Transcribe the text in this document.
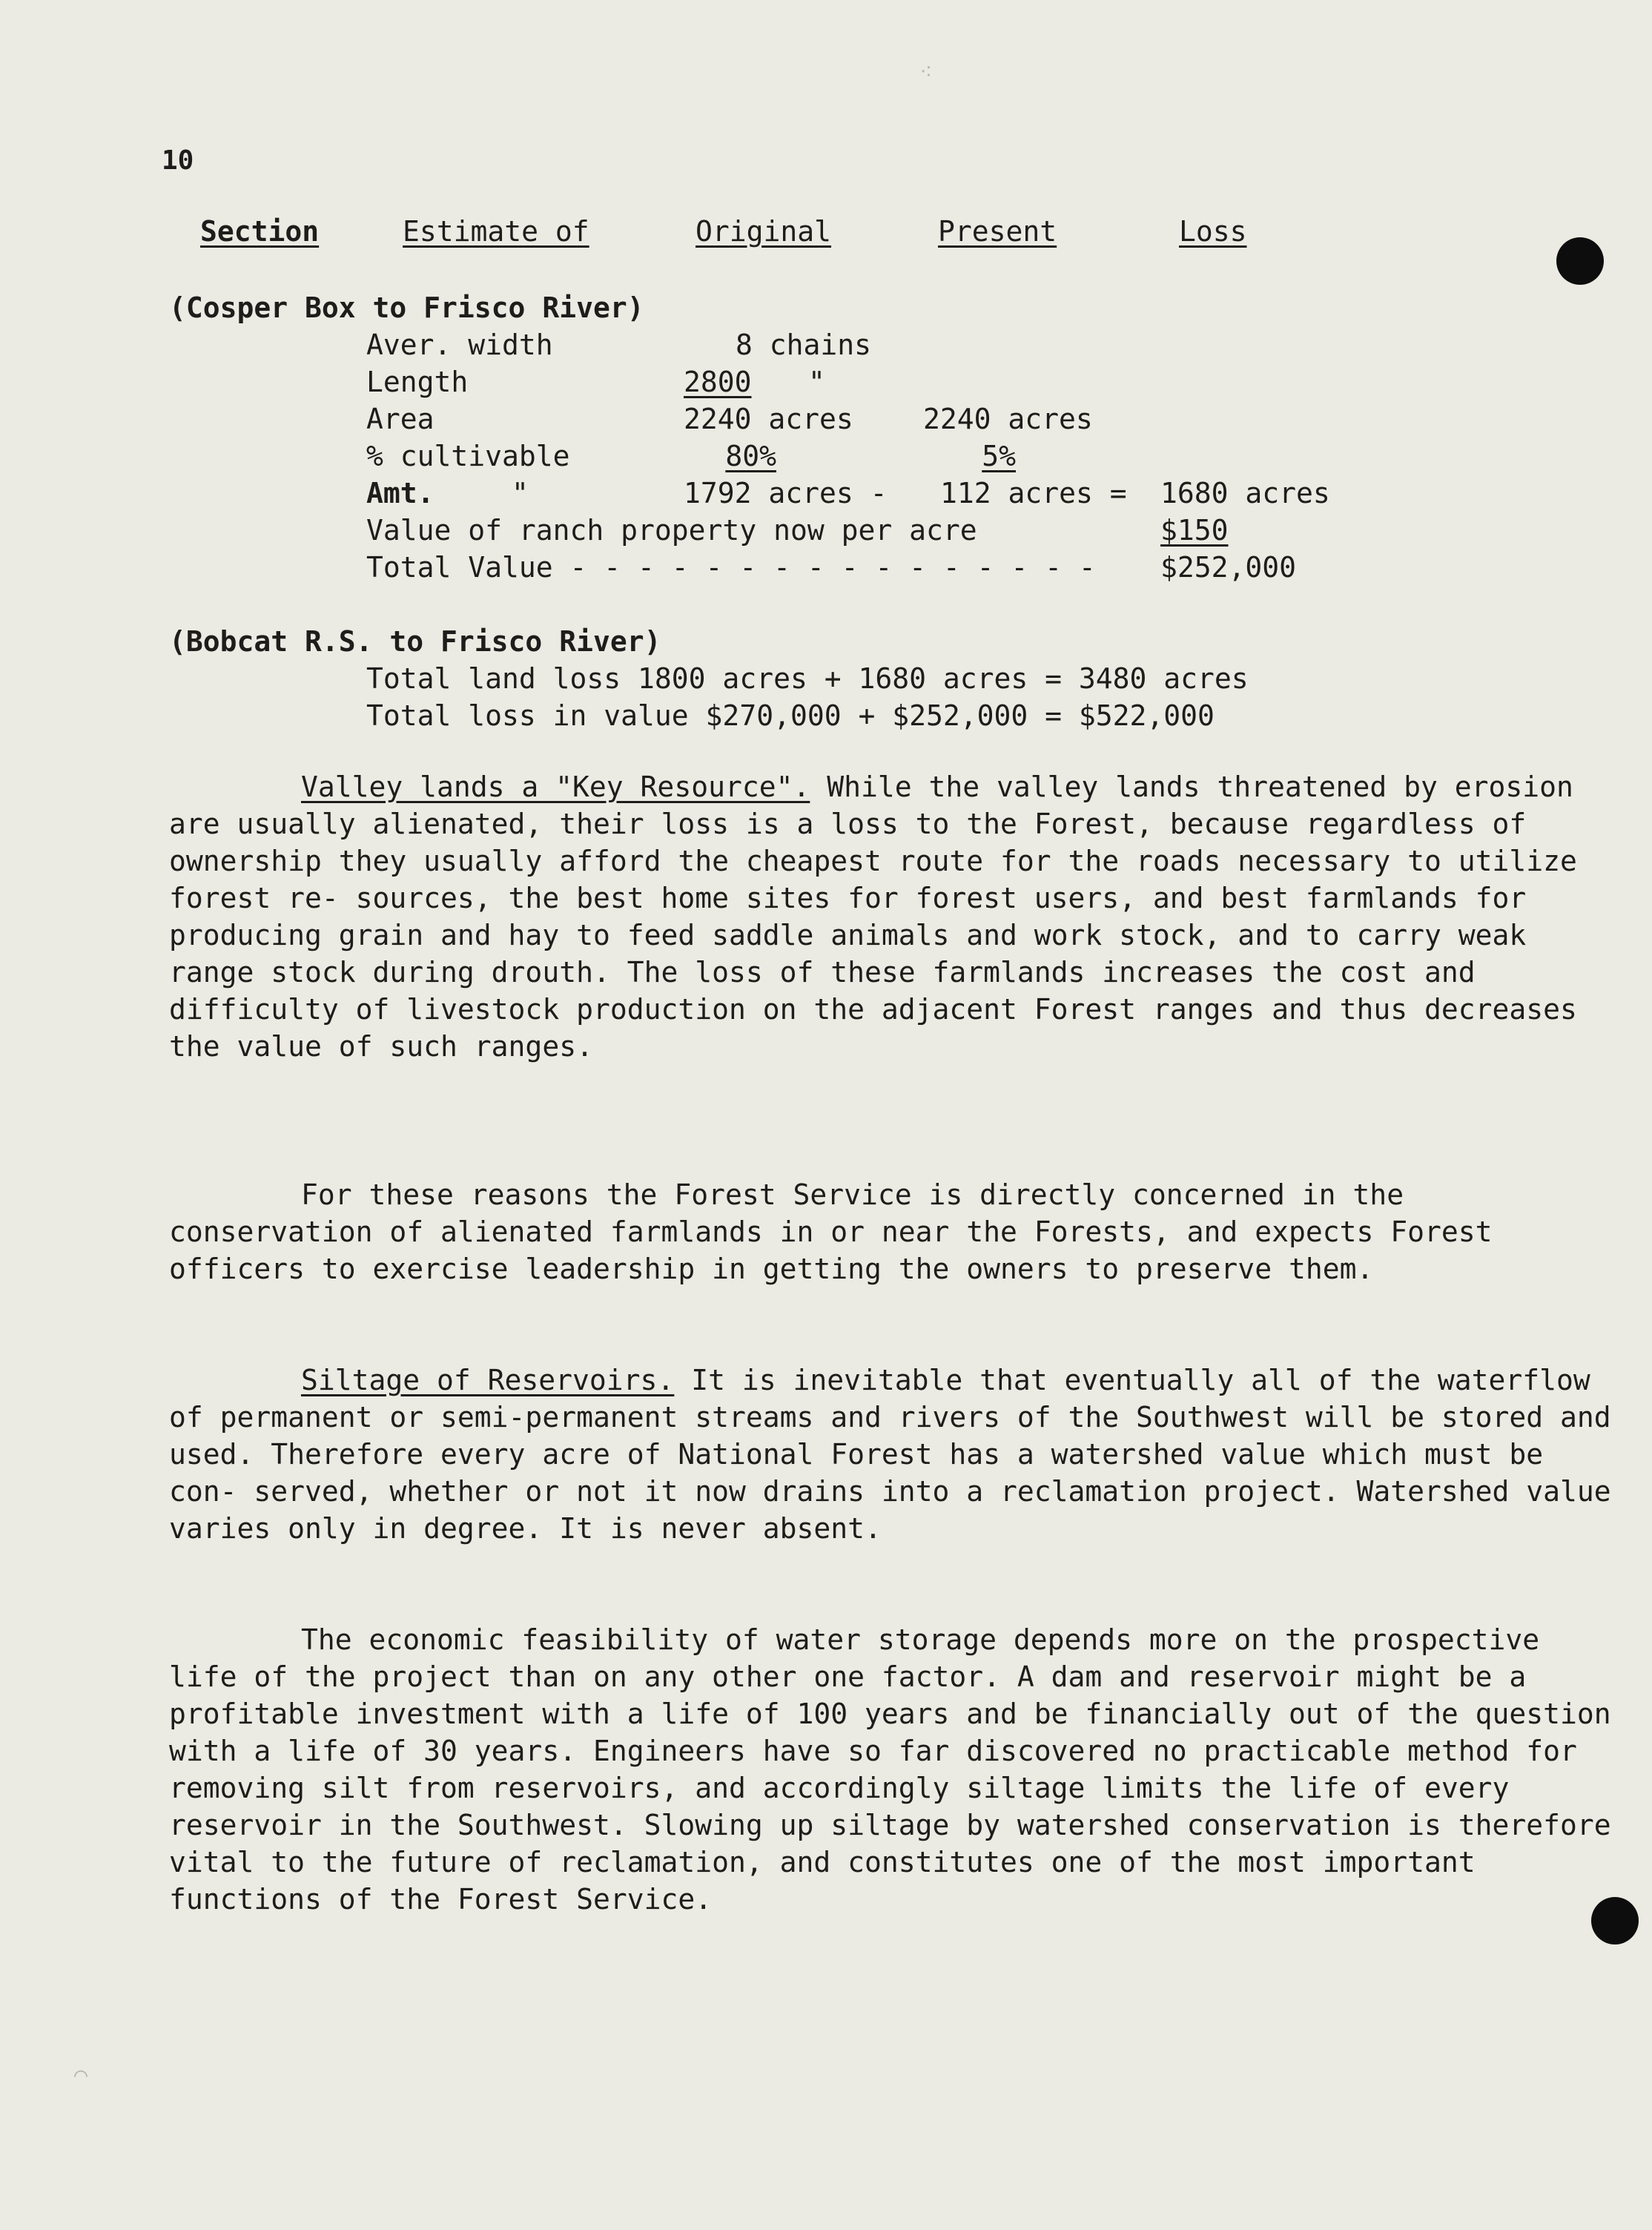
10
Section	Estimate of	Original	Present	Loss
(Cosper Box to Frisco River)
Aver. width	8 chains
Length	2800	"
Area	2240 acres 2240 acres
% cultivable	80%	5%
Amt.	"	1792 acres - 112 acres = 1680 acres
Value of ranch property now per acre	$150
Total Value - - - - - - - - - - - - - - - - $252,000
(Bobcat R.S. to Frisco River)
Total land loss 1800 acres + 1680 acres = 3480 acres
Total loss in value $270,000 + $252,000 = $522,000

Valley lands a "Key Resource". While the valley lands threatened by erosion are usually alienated, their loss is a loss to the Forest, because regardless of ownership they usually afford the cheapest route for the roads necessary to utilize forest re- sources, the best home sites for forest users, and best farmlands for producing grain and hay to feed saddle animals and work stock, and to carry weak range stock during drouth. The loss of these farmlands increases the cost and difficulty of livestock production on the adjacent Forest ranges and thus decreases the value of such ranges.

For these reasons the Forest Service is directly concerned in the conservation of alienated farmlands in or near the Forests, and expects Forest officers to exercise leadership in getting the owners to preserve them.

Siltage of Reservoirs. It is inevitable that eventually all of the waterflow of permanent or semi-permanent streams and rivers of the Southwest will be stored and used. Therefore every acre of National Forest has a watershed value which must be con- served, whether or not it now drains into a reclamation project. Watershed value varies only in degree. It is never absent.

The economic feasibility of water storage depends more on the prospective life of the project than on any other one factor. A dam and reservoir might be a profitable investment with a life of 100 years and be financially out of the question with a life of 30 years. Engineers have so far discovered no practicable method for removing silt from reservoirs, and accordingly siltage limits the life of every reservoir in the Southwest. Slowing up siltage by watershed conservation is therefore vital to the future of reclamation, and constitutes one of the most important functions of the Forest Service.

⁖
⌒
